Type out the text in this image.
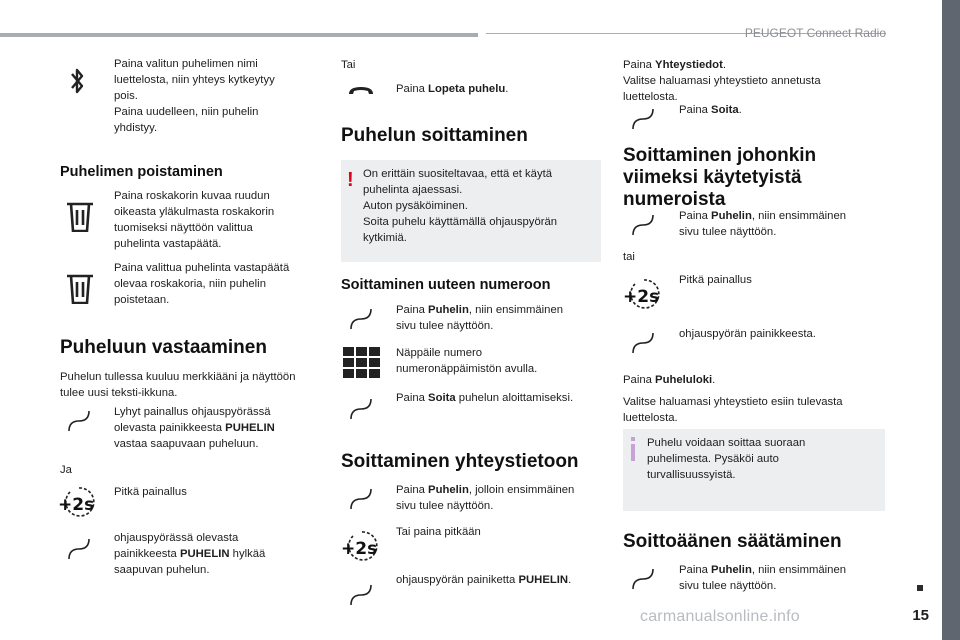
PEUGEOT Connect Radio
15
carmanualsonline.info

Paina valitun puhelimen nimi

luettelosta, niin yhteys kytkeytyy

pois.

Paina uudelleen, niin puhelin

yhdistyy.

Puhelimen poistaminen

Paina roskakorin kuvaa ruudun

oikeasta yläkulmasta roskakorin

tuomiseksi näyttöön valittua

puhelinta vastapäätä.

Paina valittua puhelinta vastapäätä

olevaa roskakoria, niin puhelin

poistetaan.

Puheluun vastaaminen

Puhelun tullessa kuuluu merkkiääni ja näyttöön

tulee uusi teksti-ikkuna.

Lyhyt painallus ohjauspyörässä

olevasta painikkeesta PUHELIN

vastaa saapuvaan puheluun.

Ja
+2s
Pitkä painallus

ohjauspyörässä olevasta

painikkeesta PUHELIN hylkää

saapuvan puhelun.

Tai
Paina Lopeta puhelu.
Puhelun soittaminen
! On erittäin suositeltavaa, että et käytä

puhelinta ajaessasi.

Auton pysäköiminen.

Soita puhelu käyttämällä ohjauspyörän

kytkimiä.

Soittaminen uuteen numeroon

Paina Puhelin, niin ensimmäinen

sivu tulee näyttöön.

Näppäile numero

numeronäppäimistön avulla.

Paina Soita puhelun aloittamiseksi.
Soittaminen yhteystietoon

Paina Puhelin, jolloin ensimmäinen

sivu tulee näyttöön.

+2s
Tai paina pitkään
ohjauspyörän painiketta PUHELIN.
Paina Yhteystiedot.

Valitse haluamasi yhteystieto annetusta

luettelosta.

Paina Soita.
Soittaminen johonkin
viimeksi käytetyistä
numeroista

Paina Puhelin, niin ensimmäinen

sivu tulee näyttöön.

tai
+2s
Pitkä painallus
ohjauspyörän painikkeesta.
Paina Puheluloki.

Valitse haluamasi yhteystieto esiin tulevasta

luettelosta.

Puhelu voidaan soittaa suoraan

puhelimesta. Pysäköi auto

turvallisuussyistä.

Soittoäänen säätäminen

Paina Puhelin, niin ensimmäinen

sivu tulee näyttöön.
